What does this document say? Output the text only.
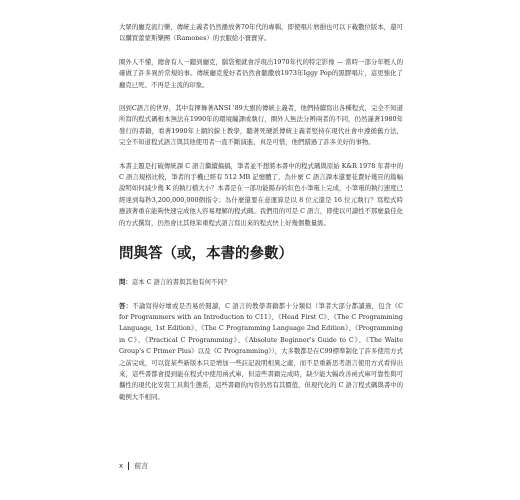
大眾的廳克流行樂，傳統主義者仍然播放著70年代的專輯，即使唱片磨損也可以下載數位版本，還可以購買蕾蒙斯樂團（Ramones）的衣服給小寶寶穿。

圈外人不懂，總會有人一聽到廳克，腦袋裡就會浮現出1970年代的特定影像 — 當時一部分年輕人的確做了許多異於常規的事。傳統廳克愛好者仍然會聽撒放1973年Iggy Pop的黑膠唱片，這更強化了廳克已死、不再是主流的印象。

回到C語言的世界，其中有揮舞著ANSI '89大旗的傳統主義者，他們持續寫出各種程式，完全不知道所寫的程式碼根本無法在1990年的環境編譯或執行，圈外人無法分辨兩者的不同，仍然謹著1980年發行的書籍，看著1990年上網的線上教學，聽著死硬派傳統主義者堅持在現代社會中遵循舊方法，完全不知道程式語言與其他使用者一直不斷演進，真是可惜，他們錯過了許多美好的事物。

本書主題是打破傳統課 C 語言繼續搞搞，筆者並不想將本書中的程式碼與原始 K&R 1978 年書中的 C 語言規格比較，筆者的手機已經有 512 MB 記憶體了，為什麼 C 語言課本還要花費好幾頁的篇幅說明如何減少幾 K 的執行檔大小？本書是在一部功能陽春的紅色小筆電上完成，小筆電的執行速度已經達到每秒3,200,000,000個指令；為什麼還要在意運算是以 8 位元還是 16 位元執行？寫程式時應該著重在能夠快速完成他人容易理解的程式碼。我們用的可是 C 語言，即使以可讀性不那麼最佳化的方式撰寫，仍然會比其他笨重程式語言寫出來的程式快上好幾個數量級。

問與答（或，本書的參數）

問：這本 C 語言的書與其他有何不同？

答：不論寫得好壞或是否易於閱讀，C 語言的教學書籍都十分類似（筆者大部分都讀過，包含《C for Programmers with an Introduction to C11》、《Head First C》、《The C Programming Language, 1st Edition》、《The C Programming Language 2nd Edition》、《Programming in C》、《Practical C Programming》、《Absolute Beginner's Guide to C》、《The Waite Group's C Primer Plus》以及《C Programming》），大多數都是在C99標準制化了許多使用方式之前完成，可以從某些新版本只是增加一些註記說明相異之處，而不是重新思考語言使用方式看得出來，這些書都會提到能在程式中使用函式庫，但這些書籍完成時，缺少能大幅改善函式庫可靠性與可攜性的現代化安裝工具與生態系，這些書籍的內容仍然有其價值，但現代化的 C 語言程式碼與書中的範例大不相同。

x 前言
